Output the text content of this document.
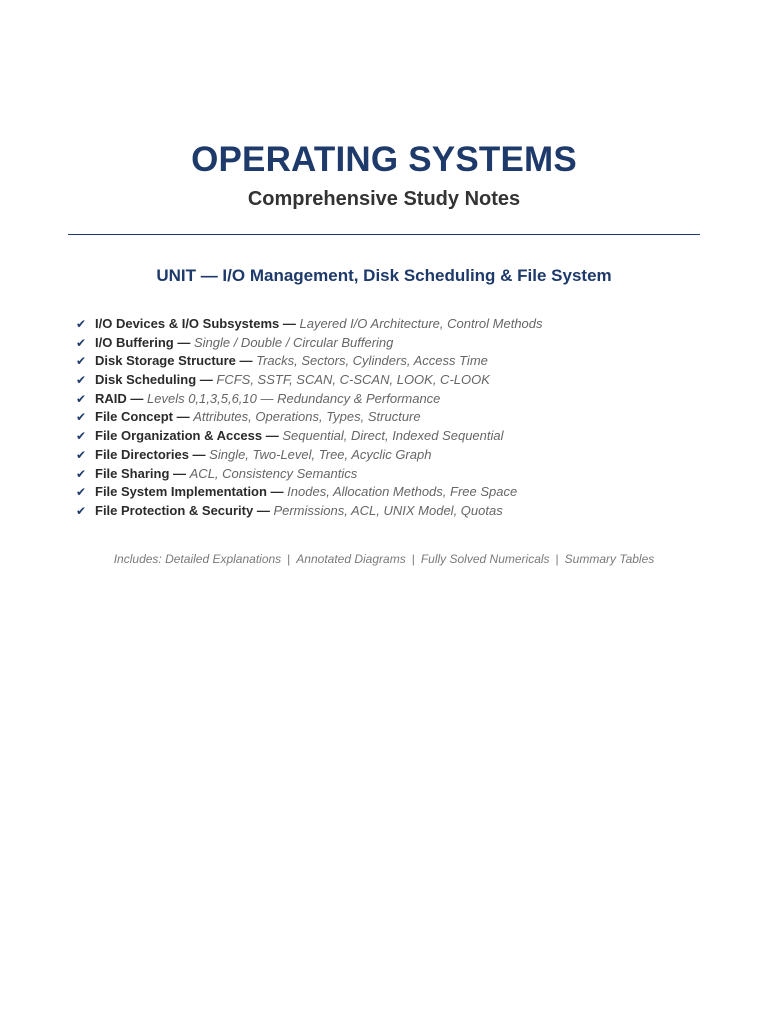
OPERATING SYSTEMS
Comprehensive Study Notes
UNIT — I/O Management, Disk Scheduling & File System
✔ I/O Devices & I/O Subsystems — Layered I/O Architecture, Control Methods
✔ I/O Buffering — Single / Double / Circular Buffering
✔ Disk Storage Structure — Tracks, Sectors, Cylinders, Access Time
✔ Disk Scheduling — FCFS, SSTF, SCAN, C-SCAN, LOOK, C-LOOK
✔ RAID — Levels 0,1,3,5,6,10 — Redundancy & Performance
✔ File Concept — Attributes, Operations, Types, Structure
✔ File Organization & Access — Sequential, Direct, Indexed Sequential
✔ File Directories — Single, Two-Level, Tree, Acyclic Graph
✔ File Sharing — ACL, Consistency Semantics
✔ File System Implementation — Inodes, Allocation Methods, Free Space
✔ File Protection & Security — Permissions, ACL, UNIX Model, Quotas
Includes: Detailed Explanations | Annotated Diagrams | Fully Solved Numericals | Summary Tables
